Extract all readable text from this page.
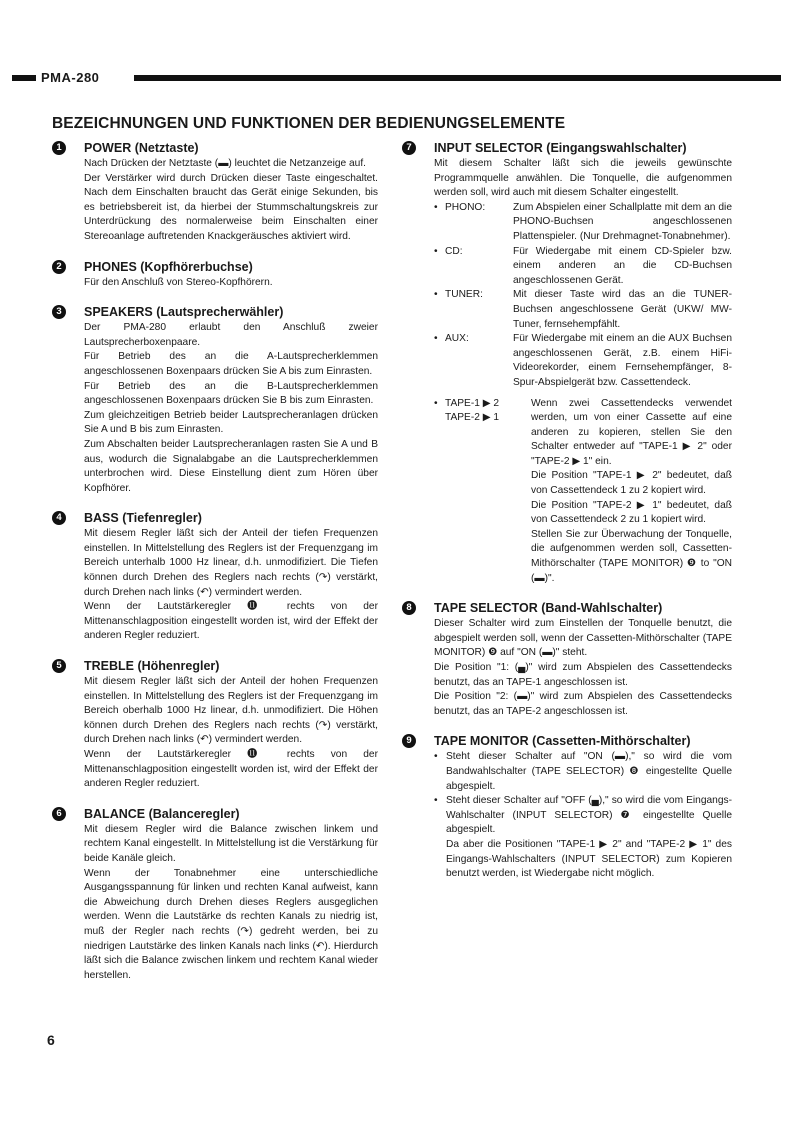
PMA-280
BEZEICHNUNGEN UND FUNKTIONEN DER BEDIENUNGSELEMENTE
1	POWER (Netztaste)

Nach Drücken der Netztaste (▬) leuchtet die Netzanzeige auf.

Der Verstärker wird durch Drücken dieser Taste eingeschaltet. Nach dem Einschalten braucht das Gerät einige Sekunden, bis es betriebsbereit ist, da hierbei der Stummschaltungskreis zur Unterdrückung des normalerweise beim Einschalten einer Stereoanlage auftretenden Knackgeräusches aktiviert wird.

2	PHONES (Kopfhörerbuchse)

Für den Anschluß von Stereo-Kopfhörern.

3	SPEAKERS (Lautsprecherwähler)

Der PMA-280 erlaubt den Anschluß zweier Lautsprecherboxenpaare.

Für Betrieb des an die A-Lautsprecherklemmen angeschlossenen Boxenpaars drücken Sie A bis zum Einrasten.

Für Betrieb des an die B-Lautsprecherklemmen angeschlossenen Boxenpaars drücken Sie B bis zum Einrasten.

Zum gleichzeitigen Betrieb beider Lautsprecheranlagen drücken Sie A und B bis zum Einrasten.

Zum Abschalten beider Lautsprecheranlagen rasten Sie A und B aus, wodurch die Signalabgabe an die Lautsprecherklemmen unterbrochen wird. Diese Einstellung dient zum Hören über Kopfhörer.

4	BASS (Tiefenregler)

Mit diesem Regler läßt sich der Anteil der tiefen Frequenzen einstellen. In Mittelstellung des Reglers ist der Frequenzgang im Bereich unterhalb 1000 Hz linear, d.h. unmodifiziert. Die Tiefen können durch Drehen des Reglers nach rechts (↷) verstärkt, durch Drehen nach links (↶) vermindert werden.

Wenn der Lautstärkeregler ⓫ rechts von der Mittenanschlagposition eingestellt worden ist, wird der Effekt der anderen Regler reduziert.

5	TREBLE (Höhenregler)

Mit diesem Regler läßt sich der Anteil der hohen Frequenzen einstellen. In Mittelstellung des Reglers ist der Frequenzgang im Bereich oberhalb 1000 Hz linear, d.h. unmodifiziert. Die Höhen können durch Drehen des Reglers nach rechts (↷) verstärkt, durch Drehen nach links (↶) vermindert werden.

Wenn der Lautstärkeregler ⓫ rechts von der Mittenanschlagposition eingestellt worden ist, wird der Effekt der anderen Regler reduziert.

6	BALANCE (Balanceregler)

Mit diesem Regler wird die Balance zwischen linkem und rechtem Kanal eingestellt. In Mittelstellung ist die Verstärkung für beide Kanäle gleich.

Wenn der Tonabnehmer eine unterschiedliche Ausgangsspannung für linken und rechten Kanal aufweist, kann die Abweichung durch Drehen dieses Reglers ausgeglichen werden. Wenn die Lautstärke ds rechten Kanals zu niedrig ist, muß der Regler nach rechts (↷) gedreht werden, bei zu niedrigen Lautstärke des linken Kanals nach links (↶). Hierdurch läßt sich die Balance zwischen linkem und rechtem Kanal wieder herstellen.

7	INPUT SELECTOR (Eingangswahlschalter)

Mit diesem Schalter läßt sich die jeweils gewünschte Programmquelle anwählen. Die Tonquelle, die aufgenommen werden soll, wird auch mit diesem Schalter eingestellt.

• PHONO:	Zum Abspielen einer Schallplatte mit dem an die PHONO-Buchsen angeschlossenen Plattenspieler. (Nur Drehmagnet-Tonabnehmer).
• CD:	Für Wiedergabe mit einem CD-Spieler bzw. einem anderen an die CD-Buchsen angeschlossenen Gerät.
• TUNER:	Mit dieser Taste wird das an die TUNER-Buchsen angeschlossene Gerät (UKW/ MW-Tuner, fernsehempfählt.
• AUX:	Für Wiedergabe mit einem an die AUX Buchsen angeschlossenen Gerät, z.B. einem HiFi-Videorekorder, einem Fernsehempfänger, 8-Spur-Abspielgerät bzw. Cassettendeck.
• TAPE-1 ▶ 2
TAPE-2 ▶ 1

Wenn zwei Cassettendecks verwendet werden, um von einer Cassette auf eine anderen zu kopieren, stellen Sie den Schalter entweder auf "TAPE-1 ▶ 2" oder "TAPE-2 ▶ 1" ein.

Die Position "TAPE-1 ▶ 2" bedeutet, daß von Cassettendeck 1 zu 2 kopiert wird.

Die Position "TAPE-2 ▶ 1" bedeutet, daß von Cassettendeck 2 zu 1 kopiert wird.

Stellen Sie zur Überwachung der Tonquelle, die aufgenommen werden soll, Cassetten-Mithörschalter (TAPE MONITOR) ❾ to "ON (▬)".

8	TAPE SELECTOR (Band-Wahlschalter)

Dieser Schalter wird zum Einstellen der Tonquelle benutzt, die abgespielt werden soll, wenn der Cassetten-Mithörschalter (TAPE MONITOR) ❾ auf "ON (▬)" steht.

Die Position "1: (▄)" wird zum Abspielen des Cassettendecks benutzt, das an TAPE-1 angeschlossen ist.

Die Position "2: (▬)" wird zum Abspielen des Cassettendecks benutzt, das an TAPE-2 angeschlossen ist.

9	TAPE MONITOR (Cassetten-Mithörschalter)
• Steht dieser Schalter auf "ON (▬)," so wird die vom Bandwahlschalter (TAPE SELECTOR) ❽ eingestellte Quelle abgespielt.
• Steht dieser Schalter auf "OFF (▄)," so wird die vom Eingangs-Wahlschalter (INPUT SELECTOR) ❼ eingestellte Quelle abgespielt.
Da aber die Positionen "TAPE-1 ▶ 2" and "TAPE-2 ▶ 1" des Eingangs-Wahlschalters (INPUT SELECTOR) zum Kopieren benutzt werden, ist Wiedergabe nicht möglich.
6
